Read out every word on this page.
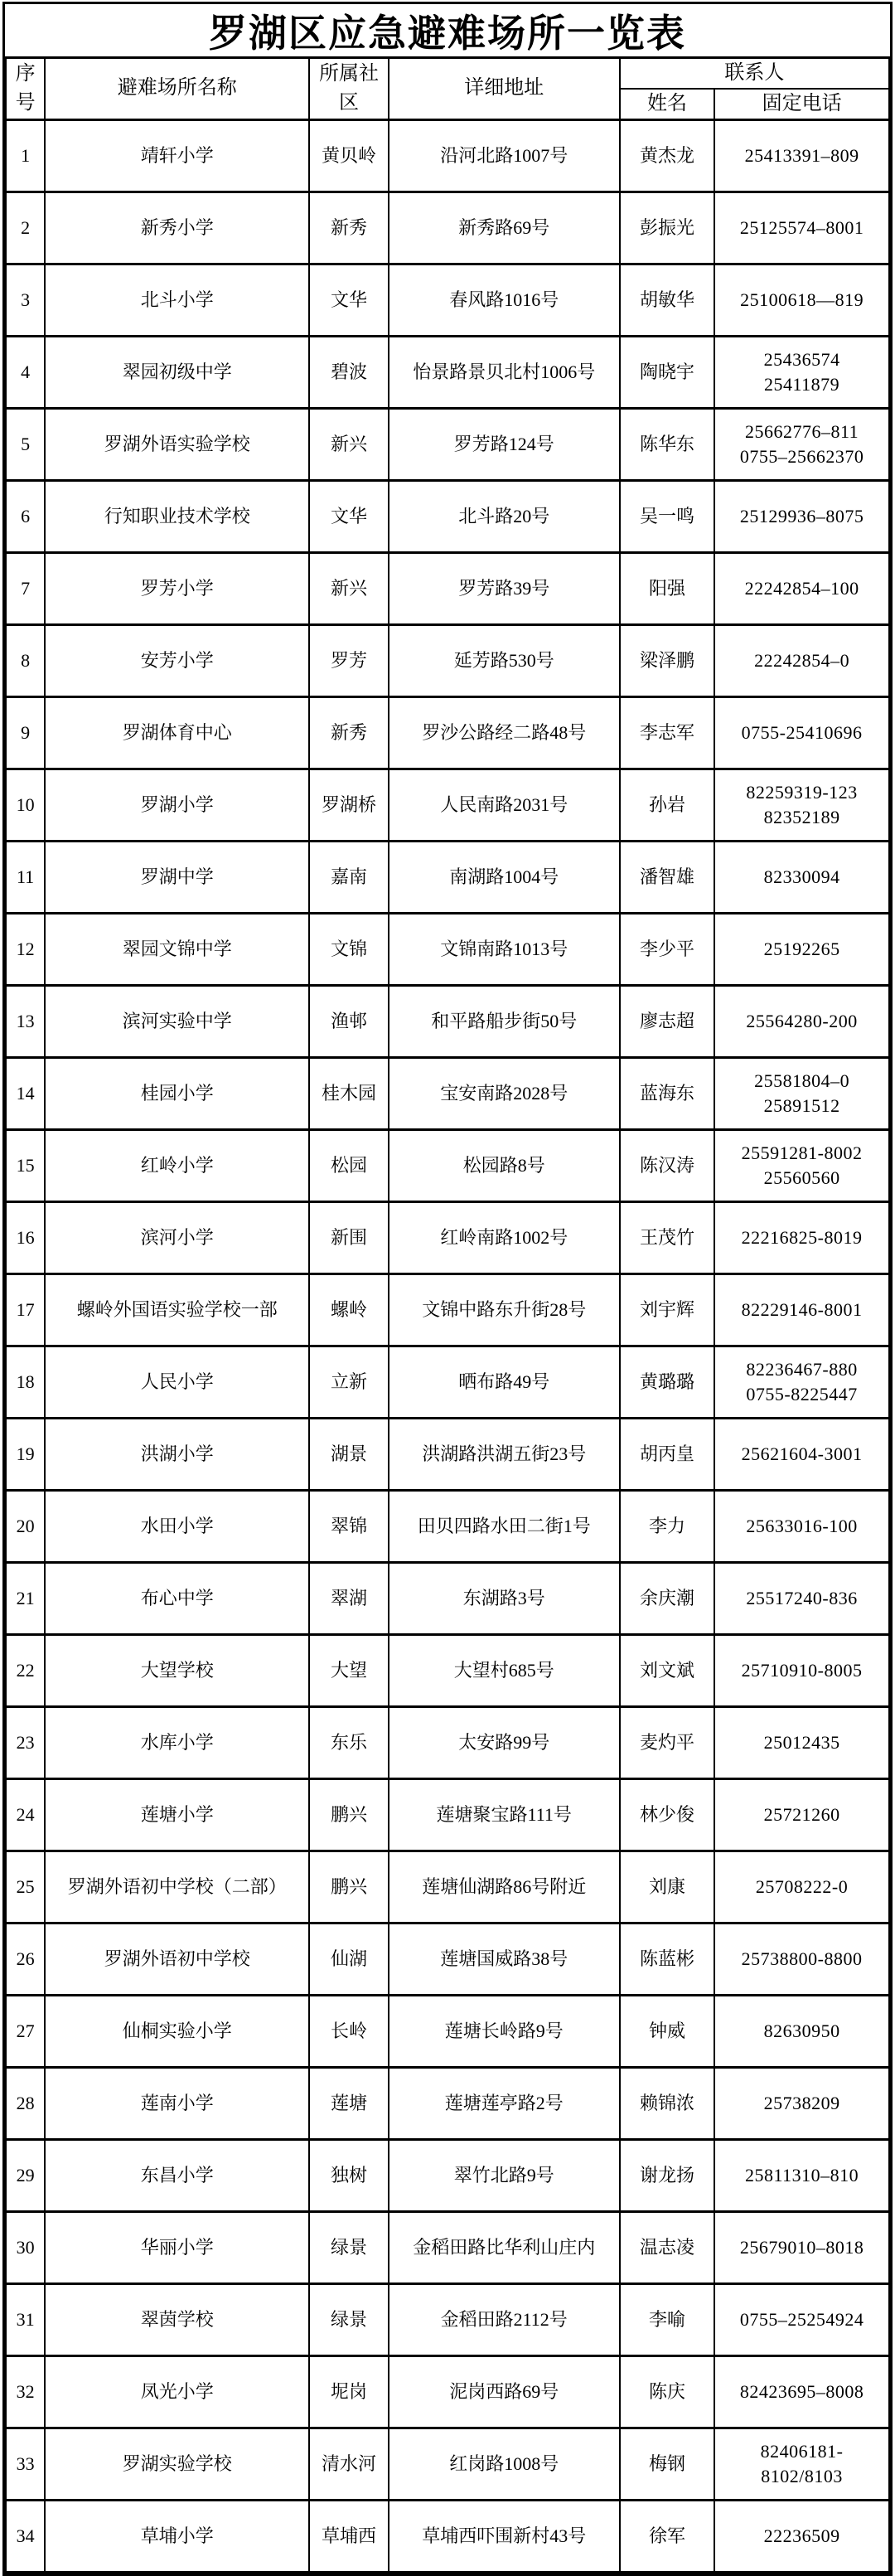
罗湖区应急避难场所一览表
序号	避难场所名称	所属社区	详细地址	联系人	
				姓名	固定电话
1	靖轩小学	黄贝岭	沿河北路1007号	黄杰龙	25413391–809

2	新秀小学	新秀	新秀路69号	彭振光	25125574–8001

3	北斗小学	文华	春风路1016号	胡敏华	25100618—819

4	翠园初级中学	碧波	怡景路景贝北村1006号	陶晓宇	25436574
25411879

5	罗湖外语实验学校	新兴	罗芳路124号	陈华东	25662776–811
0755–25662370

6	行知职业技术学校	文华	北斗路20号	吴一鸣	25129936–8075

7	罗芳小学	新兴	罗芳路39号	阳强	22242854–100

8	安芳小学	罗芳	延芳路530号	梁泽鹏	22242854–0

9	罗湖体育中心	新秀	罗沙公路经二路48号	李志军	0755-25410696

10	罗湖小学	罗湖桥	人民南路2031号	孙岩	82259319-123
82352189

11	罗湖中学	嘉南	南湖路1004号	潘智雄	82330094

12	翠园文锦中学	文锦	文锦南路1013号	李少平	25192265

13	滨河实验中学	渔邨	和平路船步街50号	廖志超	25564280-200

14	桂园小学	桂木园	宝安南路2028号	蓝海东	25581804–0
25891512

15	红岭小学	松园	松园路8号	陈汉涛	25591281-8002
25560560

16	滨河小学	新围	红岭南路1002号	王茂竹	22216825-8019

17	螺岭外国语实验学校一部	螺岭	文锦中路东升街28号	刘宇辉	82229146-8001

18	人民小学	立新	晒布路49号	黄璐璐	82236467-880
0755-8225447

19	洪湖小学	湖景	洪湖路洪湖五街23号	胡丙皇	25621604-3001

20	水田小学	翠锦	田贝四路水田二街1号	李力	25633016-100

21	布心中学	翠湖	东湖路3号	余庆潮	25517240-836

22	大望学校	大望	大望村685号	刘文斌	25710910-8005

23	水库小学	东乐	太安路99号	麦灼平	25012435

24	莲塘小学	鹏兴	莲塘聚宝路111号	林少俊	25721260

25	罗湖外语初中学校（二部）	鹏兴	莲塘仙湖路86号附近	刘康	25708222-0

26	罗湖外语初中学校	仙湖	莲塘国威路38号	陈蓝彬	25738800-8800

27	仙桐实验小学	长岭	莲塘长岭路9号	钟威	82630950

28	莲南小学	莲塘	莲塘莲亭路2号	赖锦浓	25738209

29	东昌小学	独树	翠竹北路9号	谢龙扬	25811310–810

30	华丽小学	绿景	金稻田路比华利山庄内	温志凌	25679010–8018

31	翠茵学校	绿景	金稻田路2112号	李喻	0755–25254924

32	凤光小学	坭岗	泥岗西路69号	陈庆	82423695–8008

33	罗湖实验学校	清水河	红岗路1008号	梅钢	82406181-
8102/8103

34	草埔小学	草埔西	草埔西吓围新村43号	徐军	22236509
